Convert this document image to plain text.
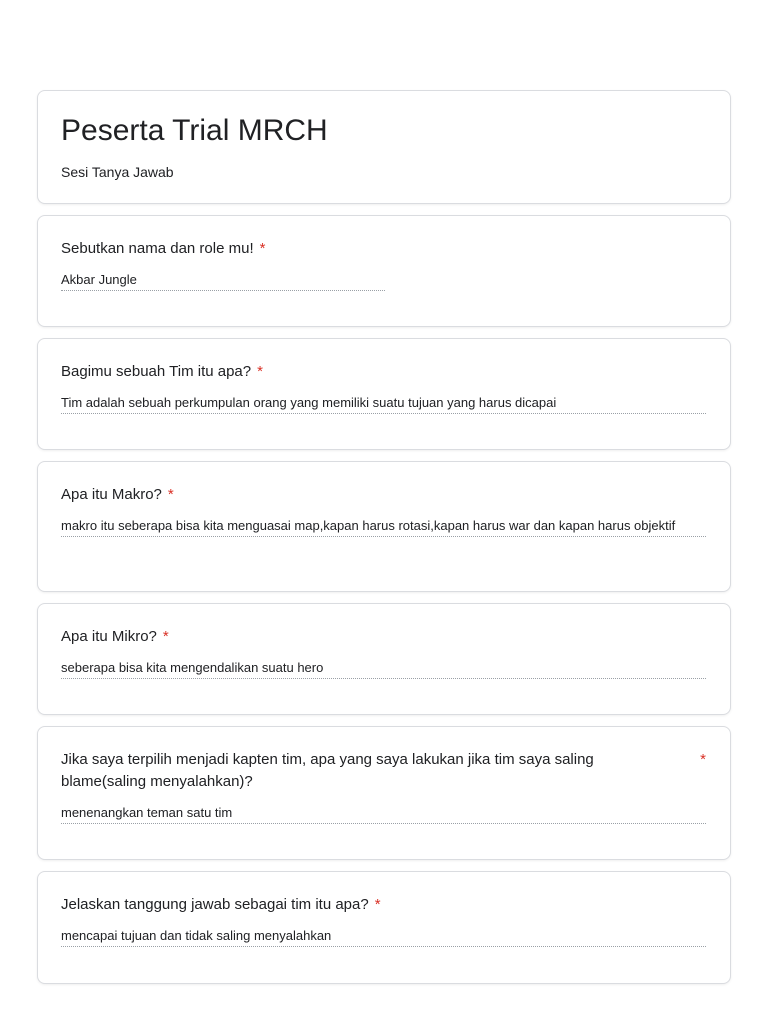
Peserta Trial MRCH
Sesi Tanya Jawab
Sebutkan nama dan role mu! *
Akbar Jungle
Bagimu sebuah Tim itu apa? *
Tim adalah sebuah perkumpulan orang yang memiliki suatu tujuan yang harus dicapai
Apa itu Makro? *
makro itu seberapa bisa kita menguasai map,kapan harus rotasi,kapan harus war dan kapan harus objektif
Apa itu Mikro? *
seberapa bisa kita mengendalikan suatu hero
Jika saya terpilih menjadi kapten tim, apa yang saya lakukan jika tim saya saling blame(saling menyalahkan)?
*
menenangkan teman satu tim
Jelaskan tanggung jawab sebagai tim itu apa? *
mencapai tujuan dan tidak saling menyalahkan
